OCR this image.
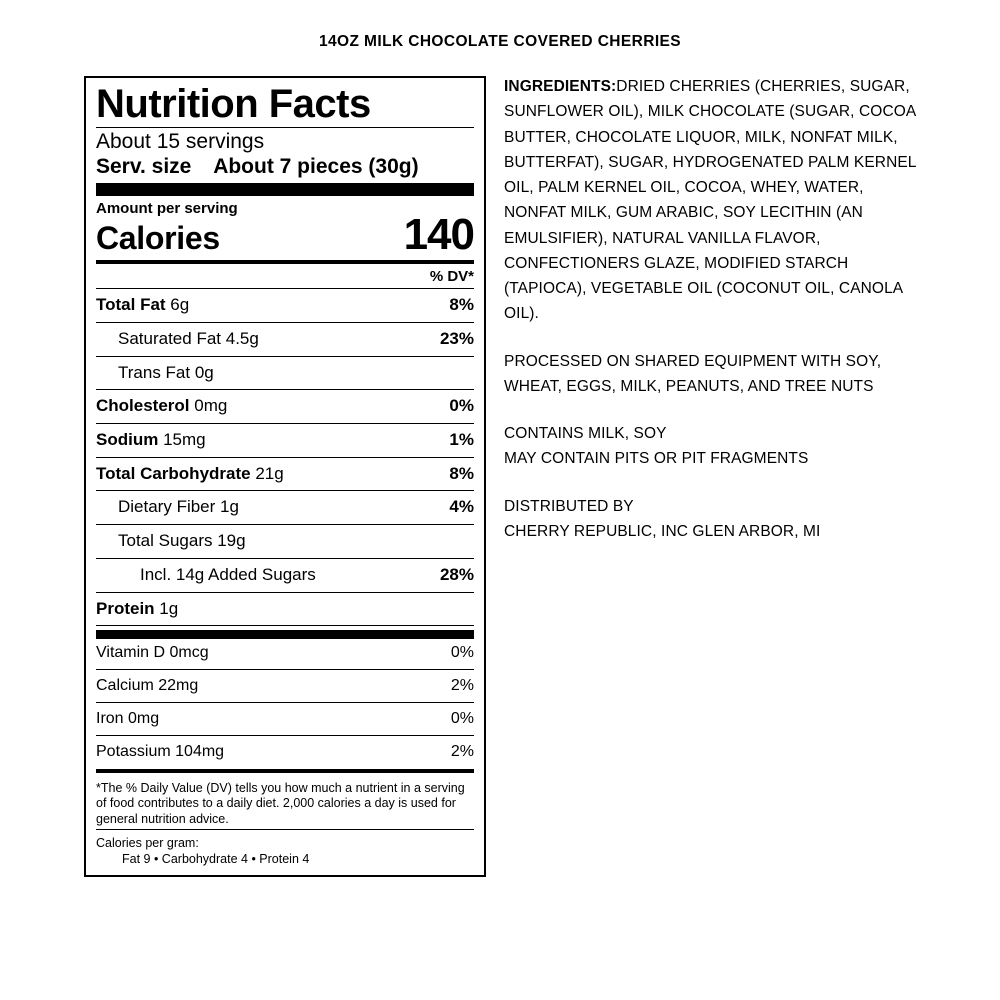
14OZ MILK CHOCOLATE COVERED CHERRIES
Nutrition Facts
About 15 servings
Serv. size About 7 pieces (30g)
Amount per serving
Calories	140
% DV*
Total Fat 6g	8%
Saturated Fat 4.5g	23%
Trans Fat 0g
Cholesterol 0mg	0%
Sodium 15mg	1%
Total Carbohydrate 21g	8%
Dietary Fiber 1g	4%
Total Sugars 19g
Incl. 14g Added Sugars	28%
Protein 1g
Vitamin D 0mcg	0%
Calcium 22mg	2%
Iron 0mg	0%
Potassium 104mg	2%
*The % Daily Value (DV) tells you how much a nutrient in a serving of food contributes to a daily diet. 2,000 calories a day is used for general nutrition advice.
Calories per gram:
Fat 9 • Carbohydrate 4 • Protein 4
INGREDIENTS:DRIED CHERRIES (CHERRIES, SUGAR, SUNFLOWER OIL), MILK CHOCOLATE (SUGAR, COCOA BUTTER, CHOCOLATE LIQUOR, MILK, NONFAT MILK, BUTTERFAT), SUGAR, HYDROGENATED PALM KERNEL OIL, PALM KERNEL OIL, COCOA, WHEY, WATER, NONFAT MILK, GUM ARABIC, SOY LECITHIN (AN EMULSIFIER), NATURAL VANILLA FLAVOR, CONFECTIONERS GLAZE, MODIFIED STARCH (TAPIOCA), VEGETABLE OIL (COCONUT OIL, CANOLA OIL).
PROCESSED ON SHARED EQUIPMENT WITH SOY, WHEAT, EGGS, MILK, PEANUTS, AND TREE NUTS
CONTAINS MILK, SOY
MAY CONTAIN PITS OR PIT FRAGMENTS
DISTRIBUTED BY
CHERRY REPUBLIC, INC GLEN ARBOR, MI
